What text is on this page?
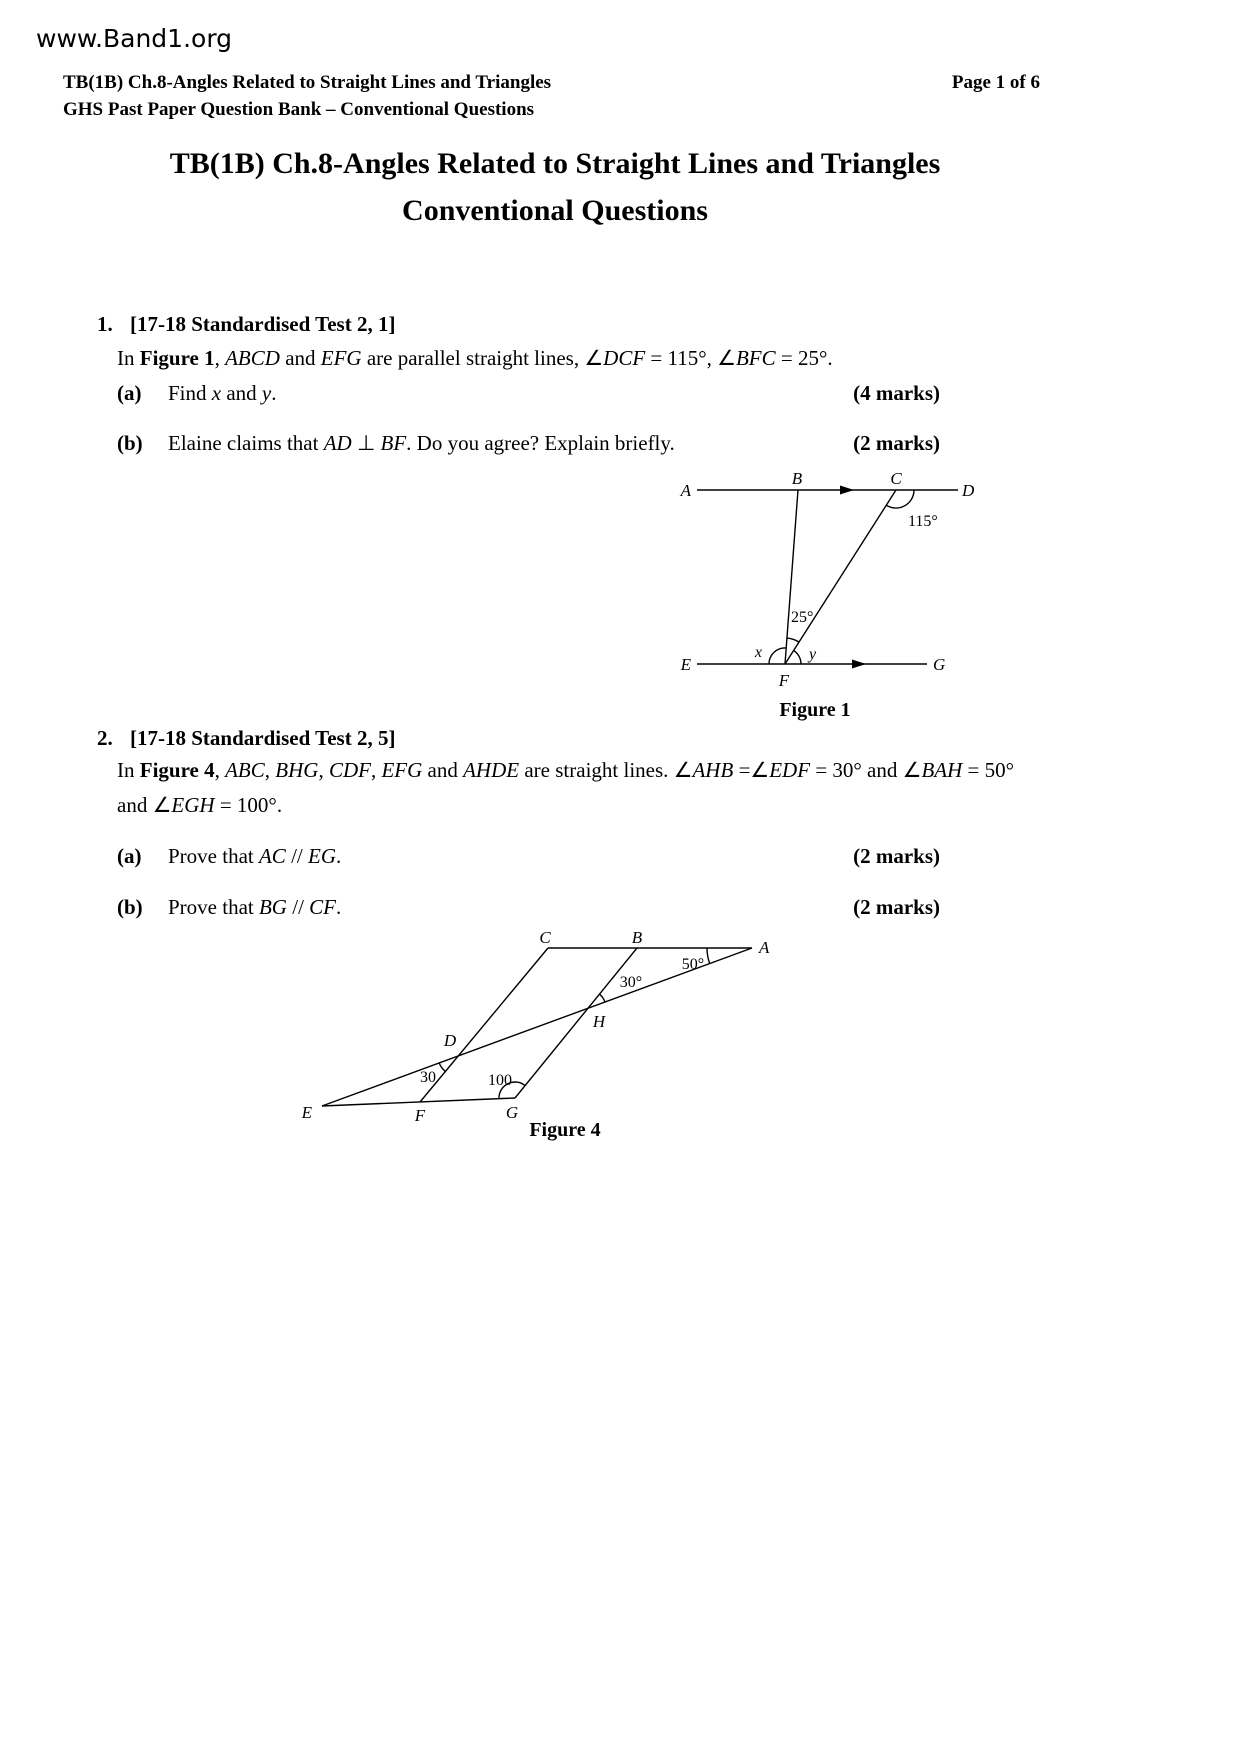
www.Band1.org
TB(1B) Ch.8-Angles Related to Straight Lines and Triangles
GHS Past Paper Question Bank – Conventional Questions
Page 1 of 6
TB(1B) Ch.8-Angles Related to Straight Lines and Triangles
Conventional Questions
1. [17-18 Standardised Test 2, 1]
In Figure 1, ABCD and EFG are parallel straight lines, ∠DCF = 115°, ∠BFC = 25°.
(a) Find x and y.	(4 marks)
(b) Elaine claims that AD ⊥ BF. Do you agree? Explain briefly.	(2 marks)
A
B	C
D
E
F
G
115°
25°
x	y
Figure 1
2. [17-18 Standardised Test 2, 5]
In Figure 4, ABC, BHG, CDF, EFG and AHDE are straight lines. ∠AHB =∠EDF = 30° and ∠BAH = 50°
and ∠EGH = 100°.
(a) Prove that AC // EG.	(2 marks)
(b) Prove that BG // CF.	(2 marks)
C	B
A
D
H
E	F	G
50°
30°
30	100
Figure 4
